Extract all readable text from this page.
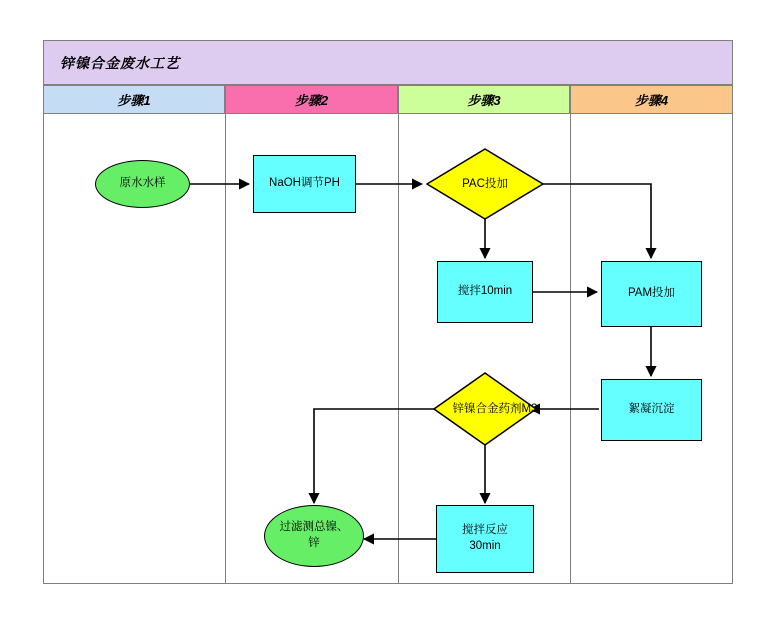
锌镍合金废水工艺
步骤1	步骤2	步骤3	步骤4
原水水样	NaOH调节PH	PAC投加
搅拌10min	PAM投加
絮凝沉淀
锌镍合金药剂M3
搅拌反应30min
过滤测总镍、锌
